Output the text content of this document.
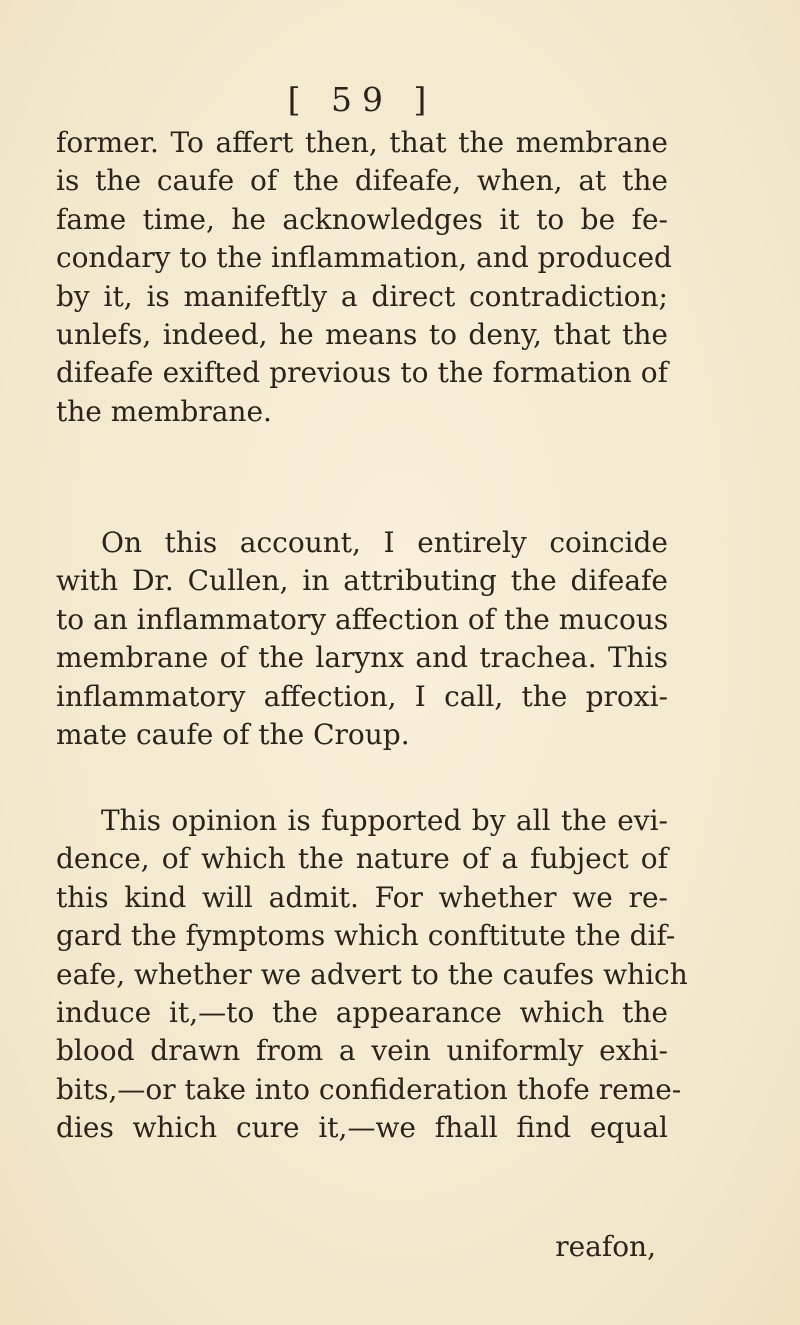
[ 59 ]
former. To affert then, that the membrane
is the caufe of the difeafe, when, at the
fame time, he acknowledges it to be fe-
condary to the inflammation, and produced
by it, is manifeftly a direct contradiction;
unlefs, indeed, he means to deny, that the
difeafe exifted previous to the formation of
the membrane.
On this account, I entirely coincide
with Dr. Cullen, in attributing the difeafe
to an inflammatory affection of the mucous
membrane of the larynx and trachea. This
inflammatory affection, I call, the proxi-
mate caufe of the Croup.
This opinion is fupported by all the evi-
dence, of which the nature of a fubject of
this kind will admit. For whether we re-
gard the fymptoms which conftitute the dif-
eafe, whether we advert to the caufes which
induce it,—to the appearance which the
blood drawn from a vein uniformly exhi-
bits,—or take into confideration thofe reme-
dies which cure it,—we fhall find equal
reafon,
